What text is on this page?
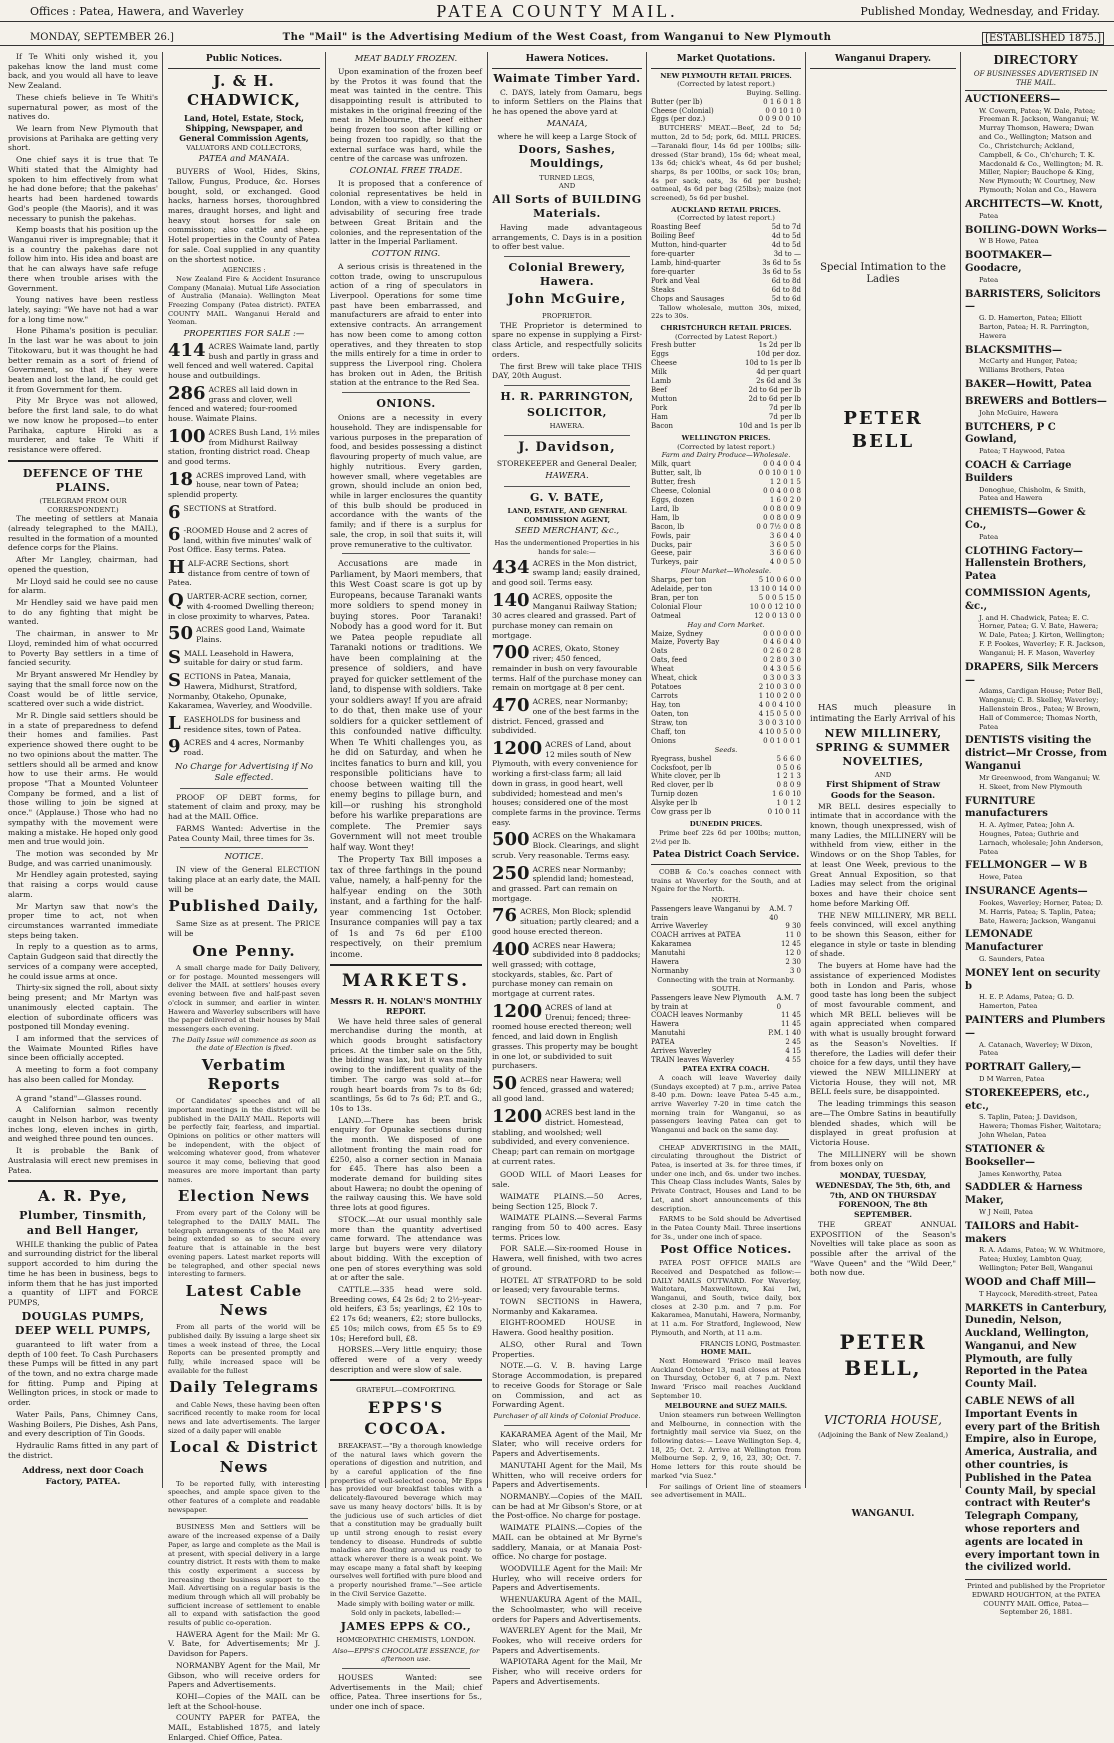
Offices : Patea, Hawera, and Waverley	PATEA COUNTY MAIL.	Published Monday, Wednesday, and Friday.
MONDAY, SEPTEMBER 26.]	The "Mail" is the Advertising Medium of the West Coast, from Wanganui to New Plymouth	[ESTABLISHED 1875.]
If Te Whiti only wished it, you pakehas know the land must come back, and you would all have to leave New Zealand.
These chiefs believe in Te Whiti's supernatural power, as most of the natives do.
We learn from New Plymouth that provisions at Parihaka are getting very short.
One chief says it is true that Te Whiti stated that the Almighty had spoken to him effectively from what he had done before; that the pakehas' hearts had been hardened towards God's people (the Maoris), and it was necessary to punish the pakehas.
Kemp boasts that his position up the Wanganui river is impregnable; that it is a country the pakehas dare not follow him into. His idea and boast are that he can always have safe refuge there when trouble arises with the Government.
Young natives have been restless lately, saying: "We have not had a war for a long time now."
Hone Pihama's position is peculiar. In the last war he was about to join Titokowaru, but it was thought he had better remain as a sort of friend of Government, so that if they were beaten and lost the land, he could get it from Government for them.
Pity Mr Bryce was not allowed, before the first land sale, to do what we now know he proposed—to enter Parihaka, capture Hiroki as a murderer, and take Te Whiti if resistance were offered.
DEFENCE OF THE PLAINS.
(TELEGRAM FROM OUR CORRESPONDENT.)
The meeting of settlers at Manaia (already telegraphed to the MAIL), resulted in the formation of a mounted defence corps for the Plains.
After Mr Langley, chairman, had opened the question,
Mr Lloyd said he could see no cause for alarm.
Mr Hendley said we have paid men to do any fighting that might be wanted.
The chairman, in answer to Mr Lloyd, reminded him of what occurred to Poverty Bay settlers in a time of fancied security.
Mr Bryant answered Mr Hendley by saying that the small force now on the Coast would be of little service, scattered over such a wide district.
Mr R. Dingle said settlers should be in a state of preparedness to defend their homes and families. Past experience showed there ought to be no two opinions about the matter. The settlers should all be armed and know how to use their arms. He would propose "That a Mounted Volunteer Company be formed, and a list of those willing to join be signed at once." (Applause.) Those who had no sympathy with the movement were making a mistake. He hoped only good men and true would join.
The motion was seconded by Mr Budge, and was carried unanimously.
Mr Hendley again protested, saying that raising a corps would cause alarm.
Mr Martyn saw that now's the proper time to act, not when circumstances warranted immediate steps being taken.
In reply to a question as to arms, Captain Gudgeon said that directly the services of a company were accepted, he could issue arms at once.
Thirty-six signed the roll, about sixty being present; and Mr Martyn was unanimously elected captain. The election of subordinate officers was postponed till Monday evening.
I am informed that the services of the Waimate Mounted Rifles have since been officially accepted.
A meeting to form a foot company has also been called for Monday.
A grand "stand"—Glasses round.
A Californian salmon recently caught in Nelson harbor, was twenty inches long, eleven inches in girth, and weighed three pound ten ounces.
It is probable the Bank of Australasia will erect new premises in Patea.
A. R. Pye,
Plumber, Tinsmith, and Bell Hanger,
WHILE thanking the public of Patea and surrounding district for the liberal support accorded to him during the time he has been in business, begs to inform them that he has just imported a quantity of LIFT and FORCE PUMPS,
DOUGLAS PUMPS, DEEP WELL PUMPS,
guaranteed to lift water from a depth of 100 feet. To Cash Purchasers these Pumps will be fitted in any part of the town, and no extra charge made for fitting. Pump and Piping at Wellington prices, in stock or made to order.
Water Pails, Pans, Chimney Cans, Washing Boilers, Pie Dishes, Ash Pans, and every description of Tin Goods.
Hydraulic Rams fitted in any part of the district.
Address, next door Coach Factory, PATEA.
Public Notices.
J. & H. CHADWICK,
Land, Hotel, Estate, Stock, Shipping, Newspaper, and General Commission Agents,
VALUATORS AND COLLECTORS,
PATEA and MANAIA.
BUYERS of Wool, Hides, Skins, Tallow, Fungus, Produce, &c. Horses bought, sold, or exchanged. Good hacks, harness horses, thoroughbred mares, draught horses, and light and heavy stout horses for sale on commission; also cattle and sheep. Hotel properties in the County of Patea for sale. Coal supplied in any quantity on the shortest notice.
AGENCIES :
New Zealand Fire & Accident Insurance Company (Manaia). Mutual Life Association of Australia (Manaia). Wellington Meat Freezing Company (Patea district). PATEA COUNTY MAIL. Wanganui Herald and Yeoman.
PROPERTIES FOR SALE :—
414 ACRES Waimate land, partly bush and partly in grass and well fenced and well watered. Capital house and outbuildings.
286 ACRES all laid down in grass and clover, well fenced and watered; four-roomed house. Waimate Plains.
100 ACRES Bush Land, 1½ miles from Midhurst Railway station, fronting district road. Cheap and good terms.
18 ACRES improved Land, with house, near town of Patea; splendid property.
6 SECTIONS at Stratford.
6 -ROOMED House and 2 acres of land, within five minutes' walk of Post Office. Easy terms. Patea.
HALF-ACRE Sections, short distance from centre of town of Patea.
QUARTER-ACRE section, corner, with 4-roomed Dwelling thereon; in close proximity to wharves, Patea.
50 ACRES good Land, Waimate Plains.
SMALL Leasehold in Hawera, suitable for dairy or stud farm.
SECTIONS in Patea, Manaia, Hawera, Midhurst, Stratford, Normanby, Otakeho, Opunake, Kakaramea, Waverley, and Woodville.
LEASEHOLDS for business and residence sites, town of Patea.
9 ACRES and 4 acres, Normanby road.
No Charge for Advertising if No Sale effected.
PROOF OF DEBT forms, for statement of claim and proxy, may be had at the MAIL Office.
FARMS Wanted: Advertise in the Patea County Mail, three times for 3s.
NOTICE.
IN view of the General ELECTION taking place at an early date, the MAIL will be
Published Daily,
Same Size as at present. The PRICE will be
One Penny.
A small charge made for Daily Delivery, or for postage. Mounted messengers will deliver the MAIL at settlers' houses every evening between five and half-past seven o'clock in summer, and earlier in winter. Hawera and Waverley subscribers will have the paper delivered at their houses by Mail messengers each evening.
The Daily Issue will commence as soon as the date of Election is fixed.
Verbatim Reports
Of Candidates' speeches and of all important meetings in the district will be published in the DAILY MAIL. Reports will be perfectly fair, fearless, and impartial. Opinions on politics or other matters will be independent, with the object of welcoming whatever good, from whatever source it may come, believing that good measures are more important than party names.
Election News
From every part of the Colony will be telegraphed to the DAILY MAIL. The telegraph arrangements of the Mail are being extended so as to secure every feature that is attainable in the best evening papers. Latest market reports will be telegraphed, and other special news interesting to farmers.
Latest Cable News
From all parts of the world will be published daily. By issuing a large sheet six times a week instead of three, the Local Reports can be presented promptly and fully, while increased space will be available for the fullest
Daily Telegrams
and Cable News, these having been often sacrificed recently to make room for local news and late advertisements. The larger sized of a daily paper will enable
Local & District News
To be reported fully, with interesting speeches, and ample space given to the other features of a complete and readable newspaper.
BUSINESS Men and Settlers will be aware of the increased expense of a Daily Paper, as large and complete as the Mail is at present, with special delivery in a large country district. It rests with them to make this costly experiment a success by increasing their business support to the Mail. Advertising on a regular basis is the medium through which all will probably be sufficient increase of settlement to enable all to expand with satisfaction the good results of public co-operation.
HAWERA Agent for the Mail: Mr G. V. Bate, for Advertisements; Mr J. Davidson for Papers.
NORMANBY Agent for the Mail, Mr Gibson, who will receive orders for Papers and Advertisements.
KOHI—Copies of the MAIL can be left at the School-house.
COUNTY PAPER for PATEA, the MAIL, Established 1875, and lately Enlarged. Chief Office, Patea.
MEAT BADLY FROZEN.
Upon examination of the frozen beef by the Protos it was found that the meat was tainted in the centre. This disappointing result is attributed to mistakes in the original freezing of the meat in Melbourne, the beef either being frozen too soon after killing or being frozen too rapidly, so that the external surface was hard, while the centre of the carcase was unfrozen.
COLONIAL FREE TRADE.
It is proposed that a conference of colonial representatives be held in London, with a view to considering the advisability of securing free trade between Great Britain and the colonies, and the representation of the latter in the Imperial Parliament.
COTTON RING.
A serious crisis is threatened in the cotton trade, owing to unscrupulous action of a ring of speculators in Liverpool. Operations for some time past have been embarrassed, and manufacturers are afraid to enter into extensive contracts. An arrangement has now been come to among cotton operatives, and they threaten to stop the mills entirely for a time in order to suppress the Liverpool ring. Cholera has broken out in Aden, the British station at the entrance to the Red Sea.
ONIONS.
Onions are a necessity in every household. They are indispensable for various purposes in the preparation of food, and besides possessing a distinct flavouring property of much value, are highly nutritious. Every garden, however small, where vegetables are grown, should include an onion bed, while in larger enclosures the quantity of this bulb should be produced in accordance with the wants of the family; and if there is a surplus for sale, the crop, in soil that suits it, will prove remunerative to the cultivator.
Accusations are made in Parliament, by Maori members, that this West Coast scare is got up by Europeans, because Taranaki wants more soldiers to spend money in buying stores. Poor Taranaki! Nobody has a good word for it. But we Patea people repudiate all Taranaki notions or traditions. We have been complaining at the presence of soldiers, and have prayed for quicker settlement of the land, to dispense with soldiers. Take your soldiers away! If you are afraid to do that, then make use of your soldiers for a quicker settlement of this confounded native difficulty. When Te Whiti challenges you, as he did on Saturday, and when he incites fanatics to burn and kill, you responsible politicians have to choose between waiting till the enemy begins to pillage burn, and kill—or rushing his stronghold before his warlike preparations are complete. The Premier says Government will not meet trouble half way. Wont they!
The Property Tax Bill imposes a tax of three farthings in the pound value, namely, a half-penny for the half-year ending on the 30th instant, and a farthing for the half-year commencing 1st October. Insurance companies will pay a tax of 1s and 7s 6d per £100 respectively, on their premium income.
MARKETS.
Messrs R. H. NOLAN'S MONTHLY REPORT.
We have held three sales of general merchandise during the month, at which goods brought satisfactory prices. At the timber sale on the 5th, the bidding was lax, but it was mainly owing to the indifferent quality of the timber. The cargo was sold at—for rough heart boards from 7s to 8s 6d; scantlings, 5s 6d to 7s 6d; P.T. and G., 10s to 13s.
LAND.—There has been brisk enquiry for Opunake sections during the month. We disposed of one allotment fronting the main road for £250, also a corner section in Manaia for £45. There has also been a moderate demand for building sites about Hawera; no doubt the opening of the railway causing this. We have sold three lots at good figures.
STOCK.—At our usual monthly sale more than the quantity advertised came forward. The attendance was large but buyers were very dilatory about bidding. With the exception of one pen of stores everything was sold at or after the sale.
CATTLE.—335 head were sold. Breeding cows, £4 2s 6d; 2 to 2½-year-old heifers, £3 5s; yearlings, £2 10s to £2 17s 6d; weaners, £2; store bullocks, £5 10s; milch cows, from £5 5s to £9 10s; Hereford bull, £8.
HORSES.—Very little enquiry; those offered were of a very weedy description and were slow of sale.
GRATEFUL—COMFORTING.
EPPS'S COCOA.
BREAKFAST.—"By a thorough knowledge of the natural laws which govern the operations of digestion and nutrition, and by a careful application of the fine properties of well-selected cocoa, Mr Epps has provided our breakfast tables with a delicately-flavoured beverage which may save us many heavy doctors' bills. It is by the judicious use of such articles of diet that a constitution may be gradually built up until strong enough to resist every tendency to disease. Hundreds of subtle maladies are floating around us ready to attack wherever there is a weak point. We may escape many a fatal shaft by keeping ourselves well fortified with pure blood and a properly nourished frame."—See article in the Civil Service Gazette.
Made simply with boiling water or milk.
Sold only in packets, labelled:—
JAMES EPPS & CO.,
HOMŒOPATHIC CHEMISTS, LONDON.
Also—EPPS'S CHOCOLATE ESSENCE, for afternoon use.
HOUSES Wanted: see Advertisements in the Mail; chief office, Patea. Three insertions for 5s., under one inch of space.
Hawera Notices.
Waimate Timber Yard.
C. DAYS, lately from Oamaru, begs to inform Settlers on the Plains that he has opened the above yard at
MANAIA,
where he will keep a Large Stock of
Doors, Sashes, Mouldings,
TURNED LEGS,
AND
All Sorts of BUILDING Materials.
Having made advantageous arrangements, C. Days is in a position to offer best value.
Colonial Brewery, Hawera.
John McGuire,
PROPRIETOR.
THE Proprietor is determined to spare no expense in supplying a First-class Article, and respectfully solicits orders.
The first Brew will take place THIS DAY, 20th August.
H. R. PARRINGTON,
SOLICITOR,
HAWERA.
J. Davidson,
STOREKEEPER and General Dealer,
HAWERA.
G. V. BATE,
LAND, ESTATE, AND GENERAL COMMISSION AGENT,
SEED MERCHANT, &c.,
Has the undermentioned Properties in his hands for sale:—
434 ACRES in the Mon district, swamp land; easily drained, and good soil. Terms easy.
140 ACRES, opposite the Manganui Railway Station; 30 acres cleared and grassed. Part of purchase money can remain on mortgage.
700 ACRES, Okato, Stoney river; 450 fenced, remainder in bush on very favourable terms. Half of the purchase money can remain on mortgage at 8 per cent.
470 ACRES, near Normanby; one of the best farms in the district. Fenced, grassed and subdivided.
1200 ACRES of Land, about 12 miles south of New Plymouth, with every convenience for working a first-class farm; all laid down in grass, in good heart, well subdivided; homestead and men's houses; considered one of the most complete farms in the province. Terms easy.
500 ACRES on the Whakamara Block. Clearings, and slight scrub. Very reasonable. Terms easy.
250 ACRES near Normanby; splendid land; homestead, and grassed. Part can remain on mortgage.
76 ACRES, Mon Block; splendid situation; partly cleared; and a good house erected thereon.
400 ACRES near Hawera; subdivided into 8 paddocks; well grassed; with cottage, stockyards, stables, &c. Part of purchase money can remain on mortgage at current rates.
1200 ACRES of land at Urenui; fenced; three-roomed house erected thereon; well fenced, and laid down in English grasses. This property may be bought in one lot, or subdivided to suit purchasers.
50 ACRES near Hawera; well fenced, grassed and watered; all good land.
1200 ACRES best land in the district. Homestead, stabling, and woolshed; well subdivided, and every convenience. Cheap; part can remain on mortgage at current rates.
GOOD WILL of Maori Leases for sale.
WAIMATE PLAINS.—50 Acres, being Section 125, Block 7.
WAIMATE PLAINS.—Several Farms ranging from 50 to 400 acres. Easy terms. Prices low.
FOR SALE.—Six-roomed House in Hawera, well finished, with two acres of ground.
HOTEL AT STRATFORD to be sold or leased; very favourable terms.
TOWN SECTIONS in Hawera, Normanby and Kakaramea.
EIGHT-ROOMED HOUSE in Hawera. Good healthy position.
ALSO, other Rural and Town Properties.
NOTE.—G. V. B. having Large Storage Accommodation, is prepared to receive Goods for Storage or Sale on Commission, and act as Forwarding Agent.
Purchaser of all kinds of Colonial Produce.
KAKARAMEA Agent of the Mail, Mr Slater, who will receive orders for Papers and Advertisements.
MANUTAHI Agent for the Mail, Ms Whitten, who will receive orders for Papers and Advertisements.
NORMANBY.—Copies of the MAIL can be had at Mr Gibson's Store, or at the Post-office. No charge for postage.
WAIMATE PLAINS.—Copies of the MAIL can be obtained at Mr Byrne's saddlery, Manaia, or at Manaia Post-office. No charge for postage.
WOODVILLE Agent for the Mail: Mr Hurley, who will receive orders for Papers and Advertisements.
WHENUAKURA Agent of the MAIL, the Schoolmaster, who will receive orders for Papers and Advertisements.
WAVERLEY Agent for the Mail, Mr Fookes, who will receive orders for Papers and Advertisements.
WAPIOTARA Agent for the Mail, Mr Fisher, who will receive orders for Papers and Advertisements.
Market Quotations.
NEW PLYMOUTH RETAIL PRICES.
(Corrected by latest report.)
Buying. Selling.
Butter (per lb)	0 1 6 0 1 8
Cheese (Colonial)	0 0 10 1 0
Eggs (per doz.)	0 0 9 0 0 10
BUTCHERS' MEAT.—Beef, 2d to 5d; mutton, 2d to 5d; pork, 6d. MILL PRICES.—Taranaki flour, 14s 6d per 100lbs; silk-dressed (Star brand), 15s 6d; wheat meal, 13s 6d; chick's wheat, 4s 6d per bushel; sharps, 8s per 100lbs, or sack 10s; bran, 4s per sack; oats, 3s 6d per bushel; oatmeal, 4s 6d per bag (25lbs); maize (not screened), 5s 6d per bushel.
AUCKLAND RETAIL PRICES.
(Corrected by latest report.)
Roasting Beef	5d to 7d
Boiling Beef	4d to 5d
Mutton, hind-quarter	4d to 5d
fore-quarter	3d to —
Lamb, hind-quarter	3s 6d to 5s
fore-quarter	3s 6d to 5s
Pork and Veal	6d to 8d
Steaks	6d to 8d
Chops and Sausages	5d to 6d
Tallow wholesale, mutton 30s, mixed, 22s to 30s.
CHRISTCHURCH RETAIL PRICES.
(Corrected by Latest Report.)
Fresh butter	1s 2d per lb
Eggs	10d per doz.
Cheese	10d to 1s per lb
Milk	4d per quart
Lamb	2s 6d and 3s
Beef	2d to 6d per lb
Mutton	2d to 6d per lb
Pork	7d per lb
Ham	7d per lb
Bacon	10d and 1s per lb
WELLINGTON PRICES.
(Corrected by latest report.)
Farm and Dairy Produce—Wholesale.
Milk, quart	0 0 4 0 0 4
Butter, salt, lb	0 0 10 0 1 0
Butter, fresh	1 2 0 1 5
Cheese, Colonial	0 0 4 0 0 8
Eggs, dozen	1 6 0 2 0
Lard, lb	0 0 8 0 0 9
Ham, lb	0 0 8 0 0 9
Bacon, lb	0 0 7½ 0 0 8
Fowls, pair	3 6 0 4 0
Ducks, pair	3 6 0 5 0
Geese, pair	3 6 0 6 0
Turkeys, pair	4 0 0 5 0
Flour Market—Wholesale.
Sharps, per ton	5 10 0 6 0 0
Adelaide, per ton	13 10 0 14 0 0
Bran, per ton	5 0 0 5 15 0
Colonial Flour	10 0 0 12 10 0
Oatmeal	12 0 0 13 0 0
Hay and Corn Market.
Maize, Sydney	0 0 0 0 0 0
Maize, Poverty Bay	0 4 6 0 4 0
Oats	0 2 6 0 2 8
Oats, feed	0 2 8 0 3 0
Wheat	0 4 3 0 5 6
Wheat, chick	0 3 0 0 3 3
Potatoes	2 10 0 3 0 0
Carrots	1 10 0 2 0 0
Hay, ton	4 0 0 4 10 0
Oaten, ton	4 15 0 5 0 0
Straw, ton	3 0 0 3 10 0
Chaff, ton	4 10 0 5 0 0
Onions	0 0 1 0 0 1
Seeds.
Ryegrass, bushel	5 6 6 0
Cocksfoot, per lb	0 5 0 6
White clover, per lb	1 2 1 3
Red clover, per lb	0 8 0 9
Turnip dozen	1 6 0 10
Alsyke per lb	1 0 1 2
Cow grass per lb	0 10 0 11
DUNEDIN PRICES.
Prime beef 22s 6d per 100lbs; mutton, 2½d per lb.
Patea District Coach Service.
COBB & Co.'s coaches connect with trains at Waverley for the South, and at Ngaire for the North.
NORTH.
Passengers leave Wanganui by train
A.M. 7 40
Arrive Waverley	9 30
COACH arrives at PATEA	11 0
Kakaramea	12 45
Manutahi	12 0
Hawera	2 30
Normanby	3 0
Connecting with the train at Normanby.
SOUTH.
Passengers leave New Plymouth by train at
A.M. 7 0
COACH leaves Normanby	11 45
Hawera	11 45
Manutahi	P.M. 1 40
PATEA	2 45
Arrives Waverley	4 15
TRAIN leaves Waverley	4 55
PATEA EXTRA COACH.
A coach will leave Waverley daily (Sundays excepted) at 7 p.m., arrive Patea 8-40 p.m. Down: leave Patea 5-45 a.m., arrive Waverley 7-20 in time catch the morning train for Wanganui, so as passengers leaving Patea can get to Wanganui and back on the same day.
CHEAP ADVERTISING in the MAIL, circulating throughout the District of Patea, is inserted at 3s. for three times, if under one inch, and 6s. under two inches. This Cheap Class includes Wants, Sales by Private Contract, Houses and Land to be Let, and short announcements of this description.
FARMS to be Sold should be Advertised in the Patea County Mail. Three insertions for 3s., under one inch of space.
Post Office Notices.
PATEA POST OFFICE MAILS are Received and Despatched as follow:— DAILY MAILS OUTWARD. For Waverley, Waitotara, Maxwelltown, Kai Iwi, Wanganui, and South, twice daily, box closes at 2-30 p.m. and 7 p.m. For Kakaramea, Manutahi, Hawera, Normanby, at 11 a.m. For Stratford, Inglewood, New Plymouth, and North, at 11 a.m.
FRANCIS LONG, Postmaster.
HOME MAIL.
Next Homeward 'Frisco mail leaves Auckland October 13, mail closes at Patea on Thursday, October 6, at 7 p.m. Next Inward 'Frisco mail reaches Auckland September 10.
MELBOURNE and SUEZ MAILS.
Union steamers run between Wellington and Melbourne, in connection with the fortnightly mail service via Suez, on the following dates:— Leave Wellington Sep. 4, 18, 25; Oct. 2. Arrive at Wellington from Melbourne Sep. 2, 9, 16, 23, 30; Oct. 7. Home letters for this route should be marked "via Suez."
For sailings of Orient line of steamers see advertisement in MAIL.
Wanganui Drapery.
Special Intimation to the Ladies
PETER BELL
HAS much pleasure in intimating the Early Arrival of his
NEW MILLINERY, SPRING & SUMMER NOVELTIES,
AND
First Shipment of Straw Goods for the Season.
MR BELL desires especially to intimate that in accordance with the known, though unexpressed, wish of many Ladies, the MILLINERY will be withheld from view, either in the Windows or on the Shop Tables, for at least One Week, previous to the Great Annual Exposition, so that Ladies may select from the original boxes and have their choice sent home before Marking Off.
THE NEW MILLINERY, MR BELL feels convinced, will excel anything to be shown this Season, either for elegance in style or taste in blending of shade.
The buyers at Home have had the assistance of experienced Modistes both in London and Paris, whose good taste has long been the subject of most favourable comment, and which MR BELL believes will be again appreciated when compared with what is usually brought forward as the Season's Novelties. If therefore, the Ladies will defer their choice for a few days, until they have viewed the NEW MILLINERY at Victoria House, they will not, MR BELL feels sure, be disappointed.
The leading trimmings this season are—The Ombre Satins in beautifully blended shades, which will be displayed in great profusion at Victoria House.
The MILLINERY will be shown from boxes only on
MONDAY, TUESDAY, WEDNESDAY, The 5th, 6th, and 7th, AND ON THURSDAY FORENOON, The 8th SEPTEMBER.
THE GREAT ANNUAL EXPOSITION of the Season's Novelties will take place as soon as possible after the arrival of the "Wave Queen" and the "Wild Deer," both now due.
PETER BELL,
VICTORIA HOUSE,
(Adjoining the Bank of New Zealand,)
WANGANUI.
DIRECTORY
OF BUSINESSES ADVERTISED IN THE MAIL.
AUCTIONEERS—
W. Cowern, Patea; W. Dale, Patea; Freeman R. Jackson, Wanganui; W. Murray Thomson, Hawera; Dwan and Co., Wellington; Matson and Co., Christchurch; Ackland, Campbell, & Co., Ch'church; T. K. Macdonald & Co., Wellington; M. R. Miller, Napier; Bauchope & King, New Plymouth; W. Courtney, New Plymouth; Nolan and Co., Hawera
ARCHITECTS—W. Knott,
Patea
BOILING-DOWN Works—
W B Howe, Patea
BOOTMAKER—Goodacre,
Patea
BARRISTERS, Solicitors—
G. D. Hamerton, Patea; Elliott Barton, Patea; H. R. Parrington, Hawera
BLACKSMITHS—
McCarty and Hunger, Patea; Williams Brothers, Patea
BAKER—Howitt, Patea
BREWERS and Bottlers—
John McGuire, Hawera
BUTCHERS, P C Gowland,
Patea; T Haywood, Patea
COACH & Carriage Builders
Donoghue, Chisholm, & Smith, Patea and Hawera
CHEMISTS—Gower & Co.,
Patea
CLOTHING Factory—Hallenstein Brothers, Patea
COMMISSION Agents, &c.,
J. and H. Chadwick, Patea; E. C. Horner, Patea; G. V. Bate, Hawera; W. Dale, Patea; J. Kirton, Wellington; F. P. Fookes, Waverley; F. R. Jackson, Wanganui; H. F. Mason, Waverley
DRAPERS, Silk Mercers—
Adams, Cardigan House; Peter Bell, Wanganui; C. B. Skelley, Waverley; Hallenstein Bros., Patea; W Brown, Hall of Commerce; Thomas North, Patea
DENTISTS visiting the district—Mr Crosse, from Wanganui
Mr Greenwood, from Wanganui; W. H. Skeet, from New Plymouth
FURNITURE manufacturers
H. A. Aylmer, Patea; John A. Hougnes, Patea; Guthrie and Larnach, wholesale; John Anderson, Patea
FELLMONGER — W B
Howe, Patea
INSURANCE Agents—
Fookes, Waverley; Horner, Patea; D. M. Harris, Patea; S. Taplin, Patea; Bate, Hawera; Jackson, Wanganui
LEMONADE Manufacturer
G. Saunders, Patea
MONEY lent on security b
H. E. P. Adams, Patea; G. D. Hamerton, Patea
PAINTERS and Plumbers—
A. Catanach, Waverley; W Dixon, Patea
PORTRAIT Gallery,—
D M Warren, Patea
STOREKEEPERS, etc., etc.,
S. Taplin, Patea; J. Davidson, Hawera; Thomas Fisher, Waitotara; John Whelan, Patea
STATIONER & Bookseller—
James Kenworthy, Patea
SADDLER & Harness Maker,
W J Neill, Patea
TAILORS and Habit-makers
R. A. Adams, Patea; W. W. Whitmore, Patea; Huxley, Lambton Quay, Wellington; Peter Bell, Wanganui
WOOD and Chaff Mill—
T Haycock, Meredith-street, Patea
MARKETS in Canterbury, Dunedin, Nelson, Auckland, Wellington, Wanganui, and New Plymouth, are fully Reported in the Patea County Mail.
CABLE NEWS of all Important Events in every part of the British Empire, also in Europe, America, Australia, and other countries, is Published in the Patea County Mail, by special contract with Reuter's Telegraph Company, whose reporters and agents are located in every important town in the civilized world.
Printed and published by the Proprietor EDWARD HOUGHTON, at the PATEA COUNTY MAIL Office, Patea—September 26, 1881.
